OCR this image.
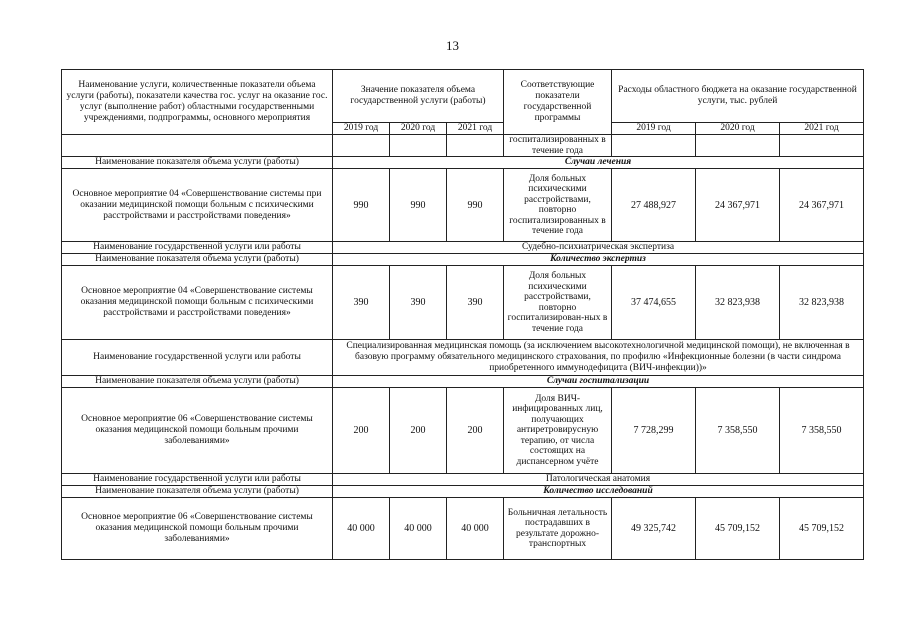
13
Наименование услуги, количественные показатели объема услуги (работы), показатели качества гос. услуг на оказание гос. услуг (выполнение работ) областными государственными учреждениями, подпрограммы, основного мероприятия	Значение показателя объема государственной услуги (работы)			Соответствующие показатели государственной программы	Расходы областного бюджета на оказание государственной услуги, тыс. рублей		
	2019 год	2020 год	2021 год		2019 год	2020 год	2021 год
				госпитализированных в течение года			
Наименование показателя объема услуги (работы)	Случаи лечения						
Основное мероприятие 04 «Совершенствование системы при оказании медицинской помощи больным с психическими расстройствами и расстройствами поведения»	990	990	990	Доля больных психическими расстройствами, повторно госпитализированных в течение года	27 488,927	24 367,971	24 367,971
Наименование государственной услуги или работы	Судебно-психиатрическая экспертиза						
Наименование показателя объема услуги (работы)	Количество экспертиз						
Основное мероприятие 04 «Совершенствование системы оказания медицинской помощи больным с психическими расстройствами и расстройствами поведения»	390	390	390	Доля больных психическими расстройствами, повторно госпитализирован-ных в течение года	37 474,655	32 823,938	32 823,938
Наименование государственной услуги или работы	Специализированная медицинская помощь (за исключением высокотехнологичной медицинской помощи), не включенная в базовую программу обязательного медицинского страхования, по профилю «Инфекционные болезни (в части синдрома приобретенного иммунодефицита (ВИЧ-инфекции))»						
Наименование показателя объема услуги (работы)	Случаи госпитализации						
Основное мероприятие 06 «Совершенствование системы оказания медицинской помощи больным прочими заболеваниями»	200	200	200	Доля ВИЧ-инфицированных лиц, получающих антиретровирусную терапию, от числа состоящих на диспансерном учёте	7 728,299	7 358,550	7 358,550
Наименование государственной услуги или работы	Патологическая анатомия						
Наименование показателя объема услуги (работы)	Количество исследований						
Основное мероприятие 06 «Совершенствование системы оказания медицинской помощи больным прочими заболеваниями»	40 000	40 000	40 000	Больничная летальность пострадавших в результате дорожно-транспортных	49 325,742	45 709,152	45 709,152
